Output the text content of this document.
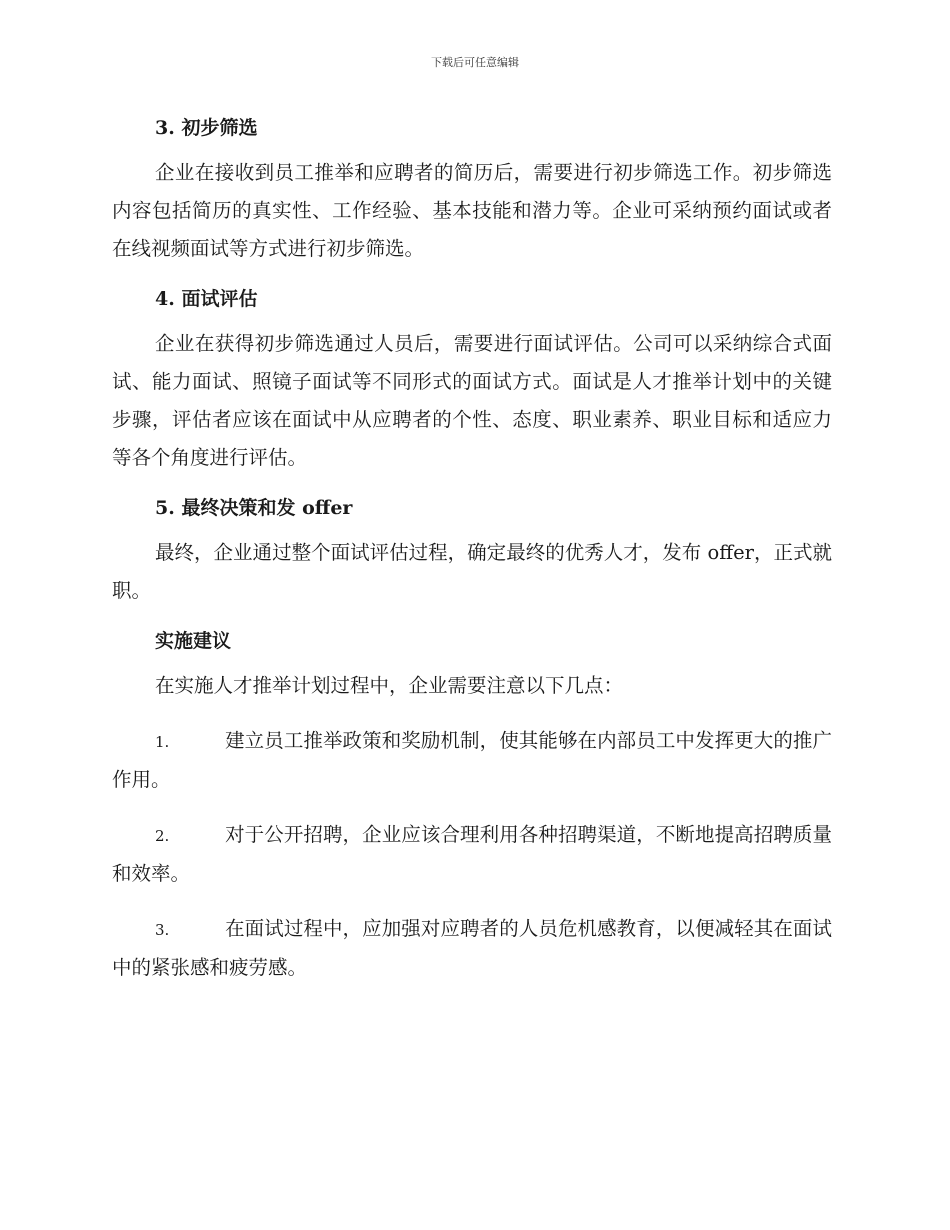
下载后可任意编辑

3. 初步筛选

企业在接收到员工推举和应聘者的简历后，需要进行初步筛选工作。初步筛选内容包括简历的真实性、工作经验、基本技能和潜力等。企业可采纳预约面试或者在线视频面试等方式进行初步筛选。

4. 面试评估

企业在获得初步筛选通过人员后，需要进行面试评估。公司可以采纳综合式面试、能力面试、照镜子面试等不同形式的面试方式。面试是人才推举计划中的关键步骤，评估者应该在面试中从应聘者的个性、态度、职业素养、职业目标和适应力等各个角度进行评估。

5. 最终决策和发 offer

最终，企业通过整个面试评估过程，确定最终的优秀人才，发布 offer，正式就职。

实施建议

在实施人才推举计划过程中，企业需要注意以下几点：

1.	建立员工推举政策和奖励机制，使其能够在内部员工中发挥更大的推广作用。

2.	对于公开招聘，企业应该合理利用各种招聘渠道，不断地提高招聘质量和效率。

3.	在面试过程中，应加强对应聘者的人员危机感教育，以便减轻其在面试中的紧张感和疲劳感。
